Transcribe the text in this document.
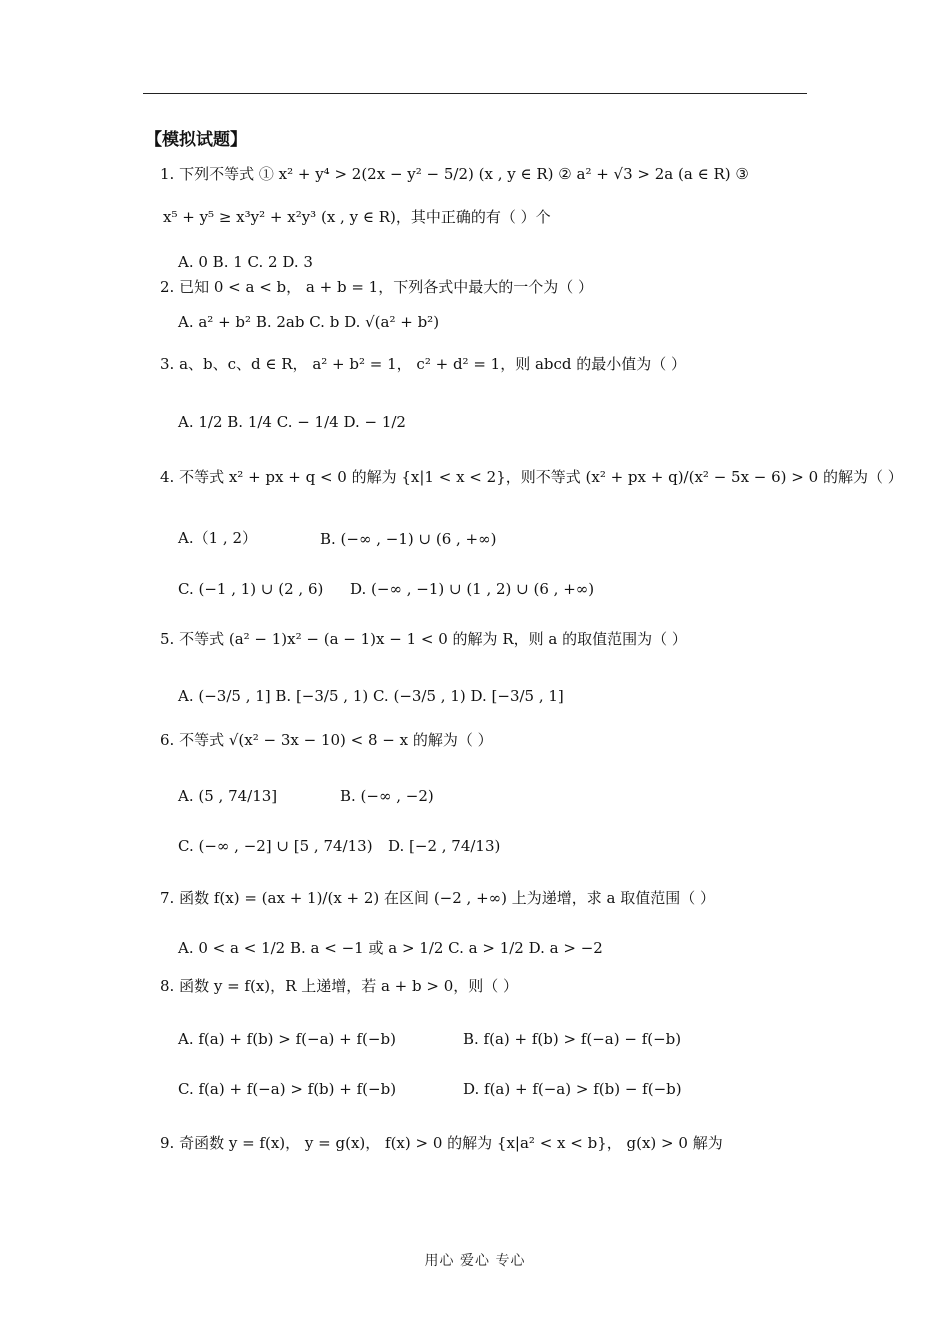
【模拟试题】
1. 下列不等式 ① x² + y⁴ > 2(2x − y² − 5/2) (x , y ∈ R) ② a² + √3 > 2a (a ∈ R) ③
x⁵ + y⁵ ≥ x³y² + x²y³ (x , y ∈ R)，其中正确的有（ ）个
A. 0 B. 1 C. 2 D. 3
2. 已知 0 < a < b， a + b = 1，下列各式中最大的一个为（ ）
A. a² + b² B. 2ab C. b D. √(a² + b²)
3. a、b、c、d ∈ R， a² + b² = 1， c² + d² = 1，则 abcd 的最小值为（ ）
A. 1/2 B. 1/4 C. − 1/4 D. − 1/2
4. 不等式 x² + px + q < 0 的解为 {x|1 < x < 2}，则不等式 (x² + px + q)/(x² − 5x − 6) > 0 的解为（ ）
A.（1 , 2）	B. (−∞ , −1) ∪ (6 , +∞)
C. (−1 , 1) ∪ (2 , 6) D. (−∞ , −1) ∪ (1 , 2) ∪ (6 , +∞)
5. 不等式 (a² − 1)x² − (a − 1)x − 1 < 0 的解为 R，则 a 的取值范围为（ ）
A. (−3/5 , 1] B. [−3/5 , 1) C. (−3/5 , 1) D. [−3/5 , 1]
6. 不等式 √(x² − 3x − 10) < 8 − x 的解为（ ）
A. (5 , 74/13]	B. (−∞ , −2)
C. (−∞ , −2] ∪ [5 , 74/13) D. [−2 , 74/13)
7. 函数 f(x) = (ax + 1)/(x + 2) 在区间 (−2 , +∞) 上为递增，求 a 取值范围（ ）
A. 0 < a < 1/2 B. a < −1 或 a > 1/2 C. a > 1/2 D. a > −2
8. 函数 y = f(x)，R 上递增，若 a + b > 0，则（ ）
A. f(a) + f(b) > f(−a) + f(−b)	B. f(a) + f(b) > f(−a) − f(−b)
C. f(a) + f(−a) > f(b) + f(−b)	D. f(a) + f(−a) > f(b) − f(−b)
9. 奇函数 y = f(x)， y = g(x)， f(x) > 0 的解为 {x|a² < x < b}， g(x) > 0 解为
用心 爱心 专心
